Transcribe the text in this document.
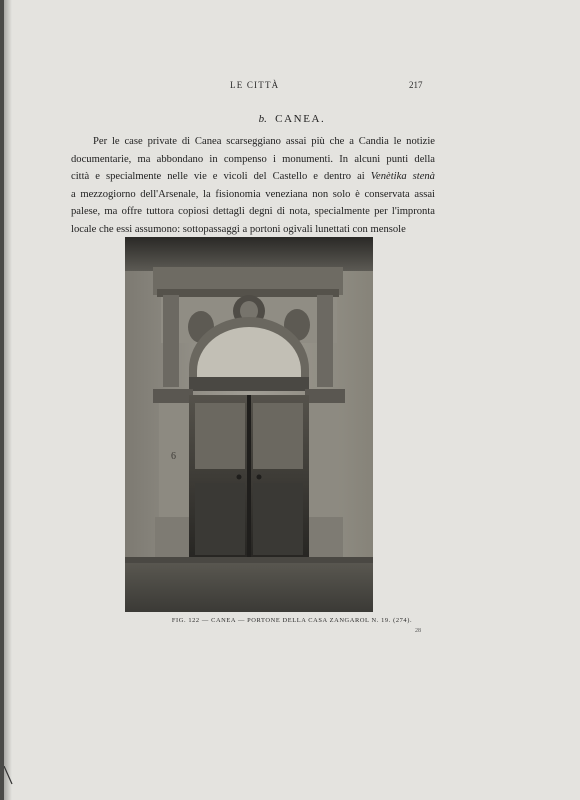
LE CITTÀ	217
b. CANEA.
Per le case private di Canea scarseggiano assai più che a Candia le notizie
documentarie, ma abbondano in compenso i monumenti. In alcuni punti della
città e specialmente nelle vie e vicoli del Castello e dentro ai Venètika stenà
a mezzogiorno dell'Arsenale, la fisionomia veneziana non solo è conservata assai
palese, ma offre tuttora copiosi dettagli degni di nota, specialmente per l'impronta
locale che essi assumono: sottopassaggi a portoni ogivali lunettati con mensole
6
FIG. 122 — CANEA — PORTONE DELLA CASA ZANGAROL N. 19. (274).
28
